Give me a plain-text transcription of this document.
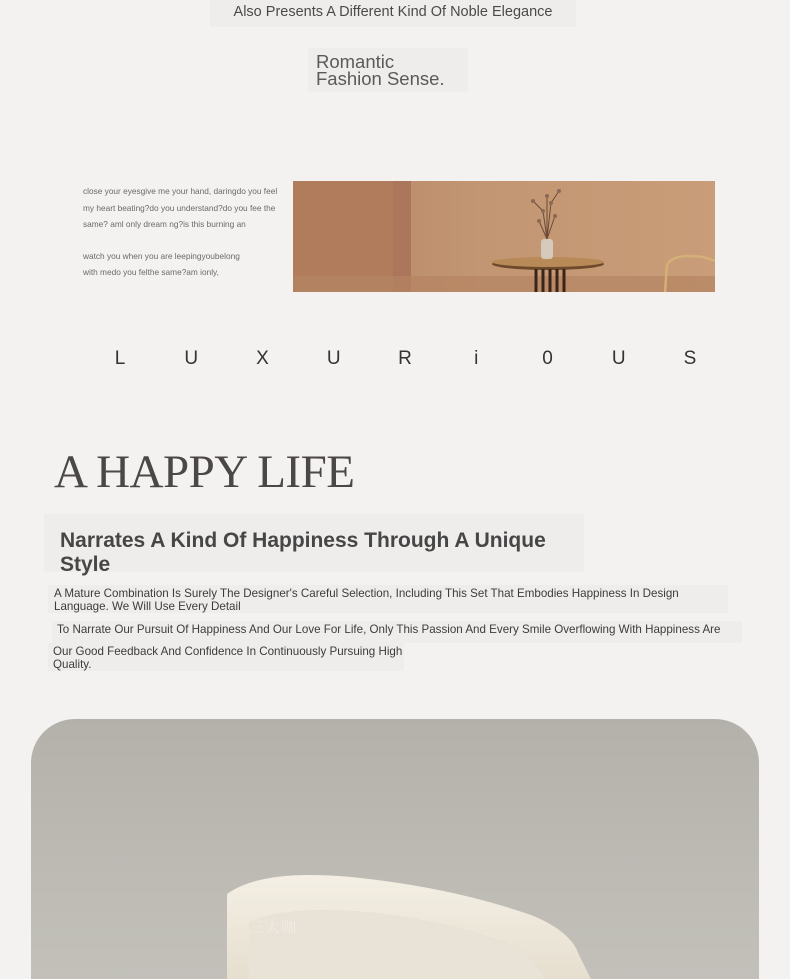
Also Presents A Different Kind Of Noble Elegance
Romantic
Fashion Sense.

close your eyesgive me your hand, daringdo you feel

my heart beating?do you understand?do you fee the

same? aml only dream ng?is this burning an

watch you when you are leepingyoubelong

with medo you felthe same?am ionly,

L	U	X	U	R	i	0	U	S
A HAPPY LIFE
Narrates A Kind Of Happiness Through A Unique Style
A Mature Combination Is Surely The Designer's Careful Selection, Including This Set That Embodies Happiness In Design Language. We Will Use Every Detail
To Narrate Our Pursuit Of Happiness And Our Love For Life, Only This Passion And Every Smile Overflowing With Happiness Are
Our Good Feedback And Confidence In Continuously Pursuing High Quality.
三大咖
